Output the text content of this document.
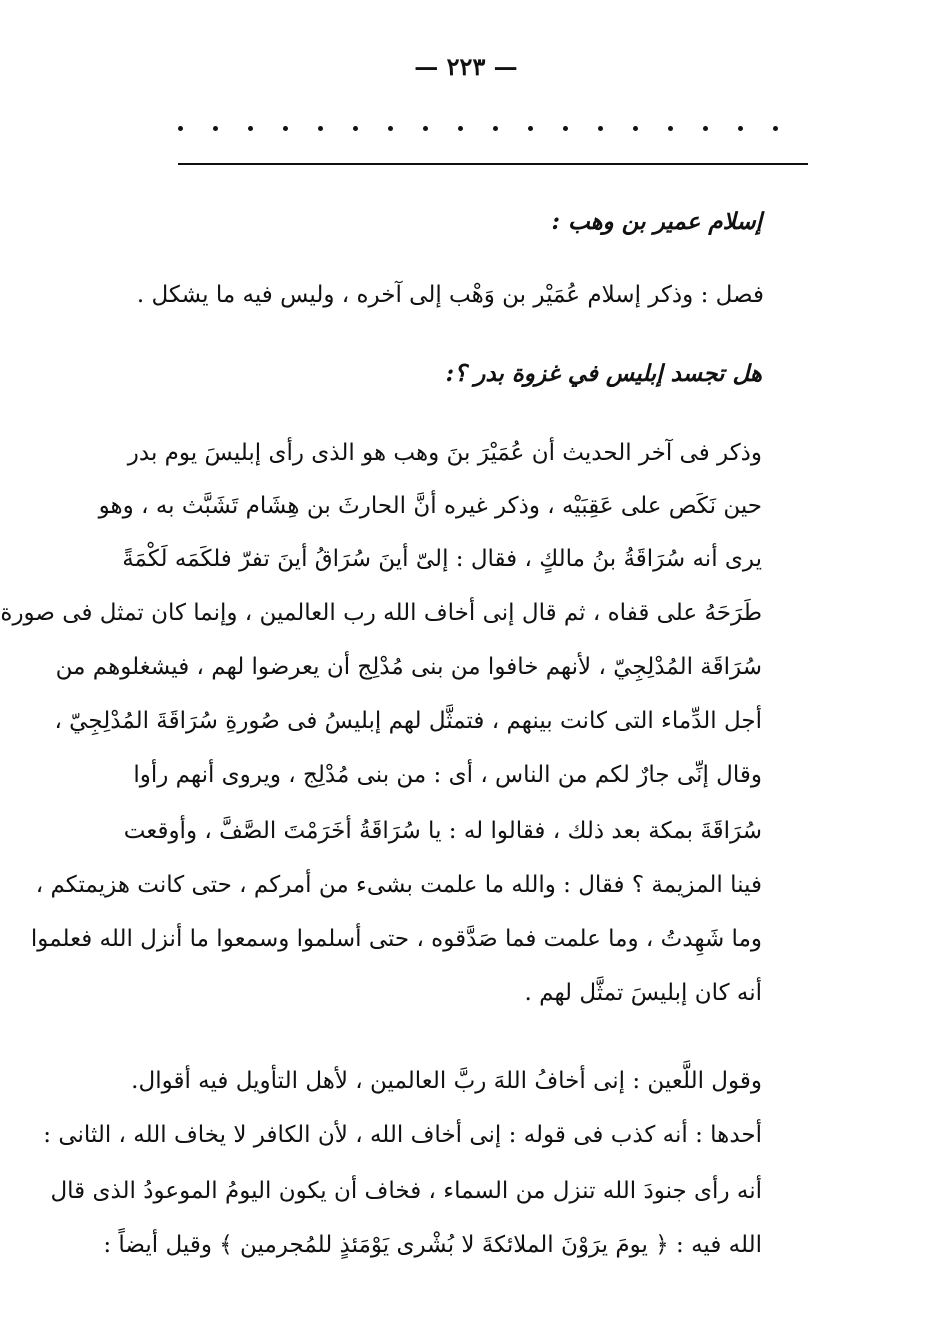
— ٢٢٣ —
إسلام عمير بن وهب :
فصل : وذكر إسلام عُمَيْر بن وَهْب إلى آخره ، وليس فيه ما يشكل .
هل تجسد إبليس في غزوة بدر ؟:
وذكر فى آخر الحديث أن عُمَيْرَ بنَ وهب هو الذى رأى إبليسَ يوم بدر
حين نَكَص على عَقِبَيْه ، وذكر غيره أنَّ الحارثَ بن هِشَام تَشَبَّث به ، وهو
يرى أنه سُرَاقَةُ بنُ مالكٍ ، فقال : إلىّ أينَ سُرَاقُ أينَ تفرّ فلكَمَه لَكْمَةً
طَرَحَهُ على قفاه ، ثم قال إنى أخاف الله رب العالمين ، وإنما كان تمثل فى صورة
سُرَاقَة المُدْلِجِيّ ، لأنهم خافوا من بنى مُدْلِج أن يعرضوا لهم ، فيشغلوهم من
أجل الدِّماء التى كانت بينهم ، فتمثَّل لهم إبليسُ فى صُورةِ سُرَاقَةَ المُدْلِجِيّ ،
وقال إنِّى جارٌ لكم من الناس ، أى : من بنى مُدْلِج ، ويروى أنهم رأوا
سُرَاقَةَ بمكة بعد ذلك ، فقالوا له : يا سُرَاقَةُ أخَرَمْتَ الصَّفَّ ، وأوقعت
فينا المزيمة ؟ فقال : والله ما علمت بشىء من أمركم ، حتى كانت هزيمتكم ،
وما شَهِدتُ ، وما علمت فما صَدَّقوه ، حتى أسلموا وسمعوا ما أنزل الله فعلموا
أنه كان إبليسَ تمثَّل لهم .
وقول اللَّعين : إنى أخافُ اللهَ ربَّ العالمين ، لأهل التأويل فيه أقوال.
أحدها : أنه كذب فى قوله : إنى أخاف الله ، لأن الكافر لا يخاف الله ، الثانى :
أنه رأى جنودَ الله تنزل من السماء ، فخاف أن يكون اليومُ الموعودُ الذى قال
الله فيه : ﴿ يومَ يرَوْنَ الملائكةَ لا بُشْرى يَوْمَئذٍ للمُجرمين ﴾ وقيل أيضاً :
